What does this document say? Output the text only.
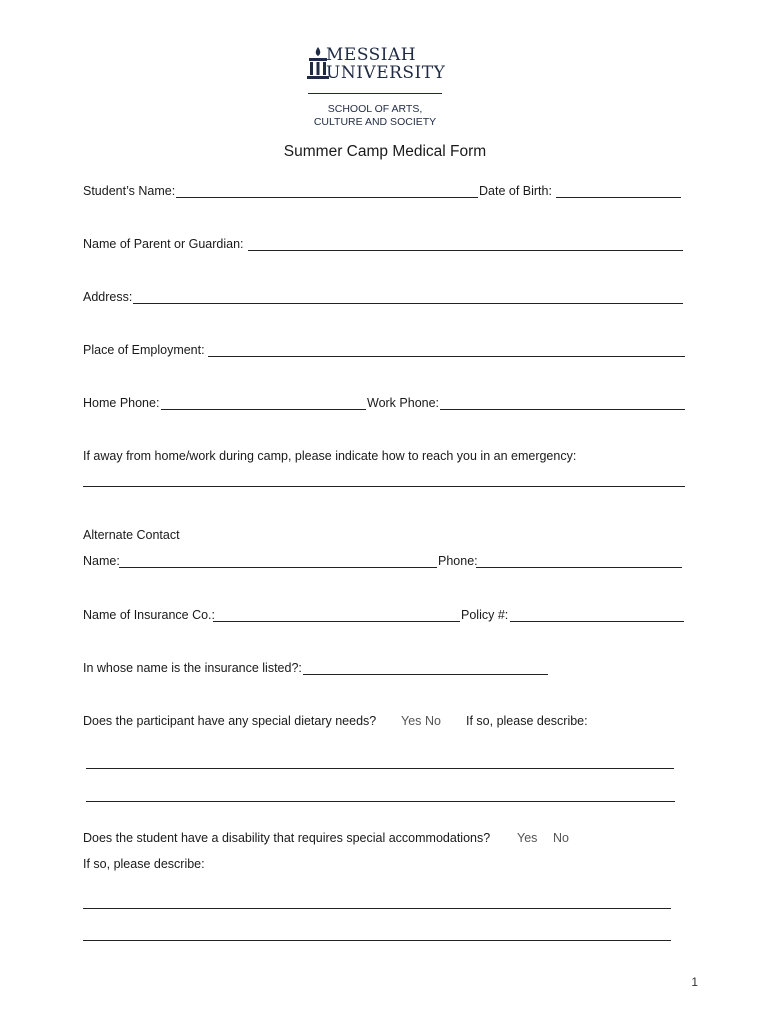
MESSIAH
UNIVERSITY
SCHOOL OF ARTS,
CULTURE AND SOCIETY
Summer Camp Medical Form
Student’s Name:	Date of Birth:
Name of Parent or Guardian:
Address:
Place of Employment:
Home Phone:	Work Phone:
If away from home/work during camp, please indicate how to reach you in an emergency:
Alternate Contact
Name:	Phone:
Name of Insurance Co.:	Policy #:
In whose name is the insurance listed?:
Does the participant have any special dietary needs? Yes No If so, please describe:
Does the student have a disability that requires special accommodations? Yes No
If so, please describe:
1
